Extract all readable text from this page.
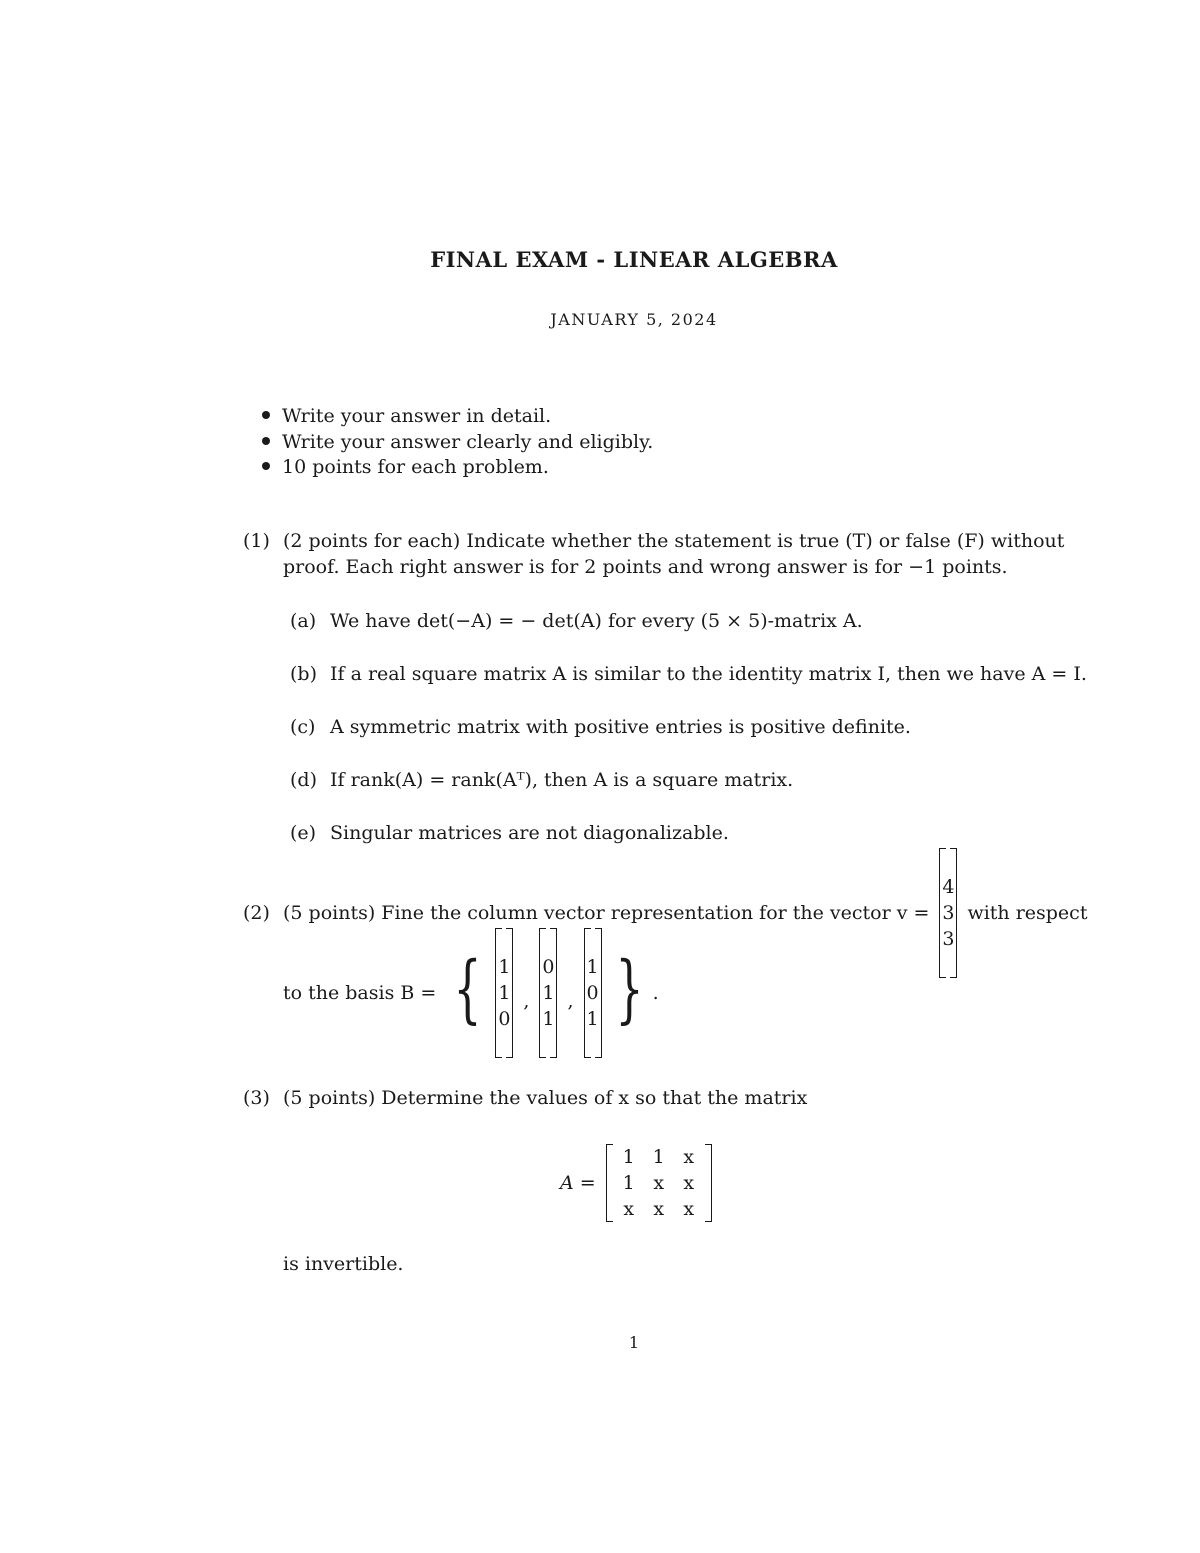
FINAL EXAM - LINEAR ALGEBRA
JANUARY 5, 2024
Write your answer in detail.
Write your answer clearly and eligibly.
10 points for each problem.
(1) (2 points for each) Indicate whether the statement is true (T) or false (F) without
proof. Each right answer is for 2 points and wrong answer is for −1 points.
(a) We have det(−A) = − det(A) for every (5 × 5)-matrix A.
(b) If a real square matrix A is similar to the identity matrix I, then we have A = I.
(c) A symmetric matrix with positive entries is positive definite.
(d) If rank(A) = rank(Aᵀ), then A is a square matrix.
(e) Singular matrices are not diagonalizable.
(2) (5 points) Fine the column vector representation for the vector v =
4
3
3
with respect
to the basis B = { 1
1
0
,
0
1
1
,
1
0
1 } .
(3) (5 points) Determine the values of x so that the matrix
A =
1 1 x
1 x	x
x	x	x
is invertible.
1
